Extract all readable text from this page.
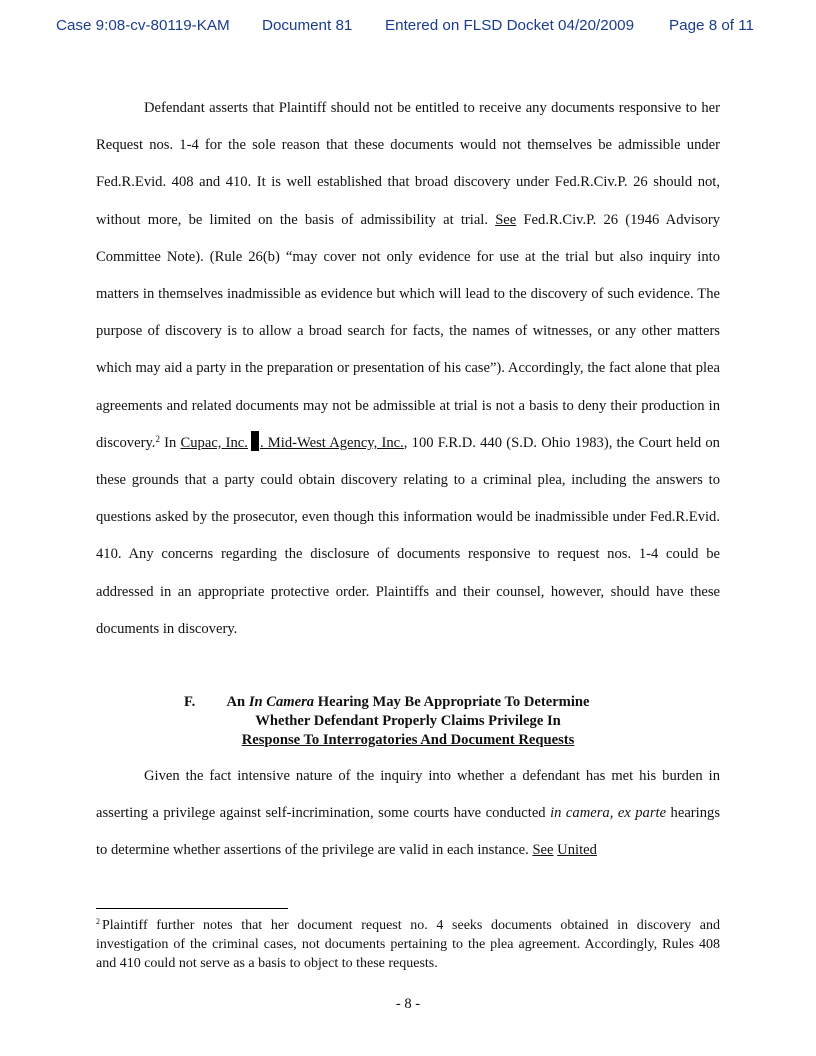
Case 9:08-cv-80119-KAM Document 81 Entered on FLSD Docket 04/20/2009 Page 8 of 11

Defendant asserts that Plaintiff should not be entitled to receive any documents responsive to her Request nos. 1-4 for the sole reason that these documents would not themselves be admissible under Fed.R.Evid. 408 and 410. It is well established that broad discovery under Fed.R.Civ.P. 26 should not, without more, be limited on the basis of admissibility at trial. See Fed.R.Civ.P. 26 (1946 Advisory Committee Note). (Rule 26(b) “may cover not only evidence for use at the trial but also inquiry into matters in themselves inadmissible as evidence but which will lead to the discovery of such evidence. The purpose of discovery is to allow a broad search for facts, the names of witnesses, or any other matters which may aid a party in the preparation or presentation of his case”). Accordingly, the fact alone that plea agreements and related documents may not be admissible at trial is not a basis to deny their production in discovery.$^2$ In Cupac, Inc. . Mid-West Agency, Inc., 100 F.R.D. 440 (S.D. Ohio 1983), the Court held on these grounds that a party could obtain discovery relating to a criminal plea, including the answers to questions asked by the prosecutor, even though this information would be inadmissible under Fed.R.Evid. 410. Any concerns regarding the disclosure of documents responsive to request nos. 1-4 could be addressed in an appropriate protective order. Plaintiffs and their counsel, however, should have these documents in discovery.

F.	An In Camera Hearing May Be Appropriate To Determine
Whether Defendant Properly Claims Privilege In
Response To Interrogatories And Document Requests

Given the fact intensive nature of the inquiry into whether a defendant has met his burden in asserting a privilege against self-incrimination, some courts have conducted in camera, ex parte hearings to determine whether assertions of the privilege are valid in each instance. See United

$^2$ Plaintiff further notes that her document request no. 4 seeks documents obtained in discovery and investigation of the criminal cases, not documents pertaining to the plea agreement. Accordingly, Rules 408 and 410 could not serve as a basis to object to these requests.
- 8 -
